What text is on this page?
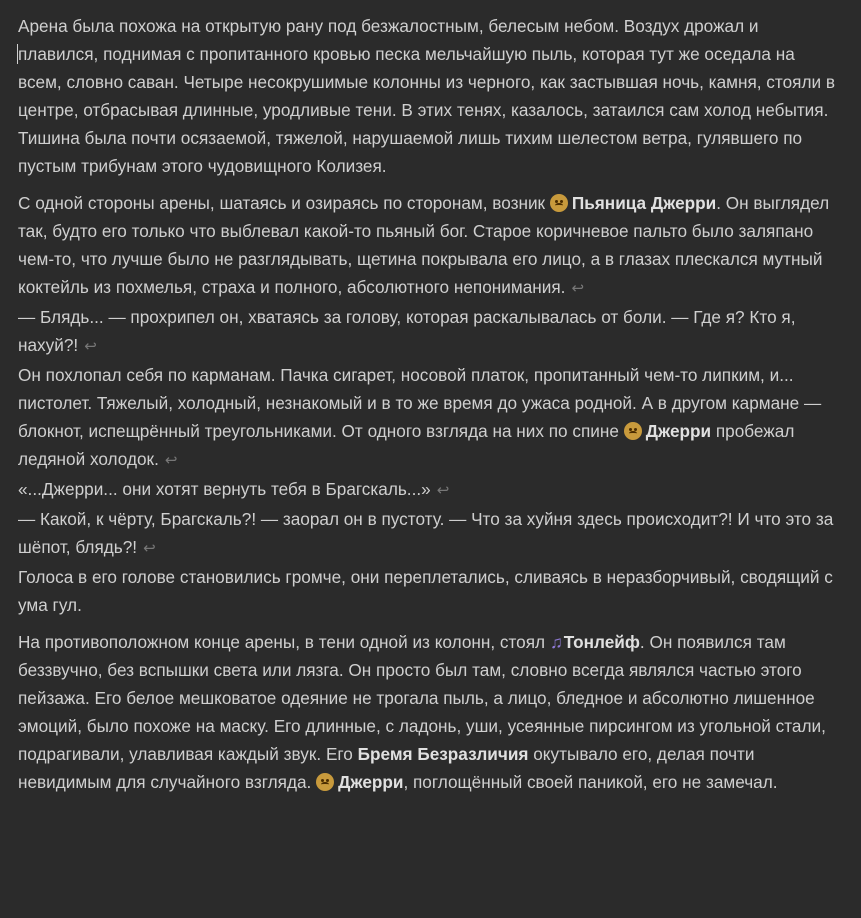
Арена была похожа на открытую рану под безжалостным, белесым небом. Воздух дрожал и плавился, поднимая с пропитанного кровью песка мельчайшую пыль, которая тут же оседала на всем, словно саван. Четыре несокрушимые колонны из черного, как застывшая ночь, камня, стояли в центре, отбрасывая длинные, уродливые тени. В этих тенях, казалось, затаился сам холод небытия. Тишина была почти осязаемой, тяжелой, нарушаемой лишь тихим шелестом ветра, гулявшего по пустым трибунам этого чудовищного Колизея.

С одной стороны арены, шатаясь и озираясь по сторонам, возник
Пьяница Джерри. Он выглядел так, будто его только что выблевал какой-то пьяный бог. Старое коричневое пальто было заляпано чем-то, что лучше было не разглядывать, щетина покрывала его лицо, а в глазах плескался мутный коктейль из похмелья, страха и полного, абсолютного непонимания. ↩

— Блядь... — прохрипел он, хватаясь за голову, которая раскалывалась от боли. — Где я? Кто я, нахуй?! ↩

Он похлопал себя по карманам. Пачка сигарет, носовой платок, пропитанный чем-то липким, и... пистолет. Тяжелый, холодный, незнакомый и в то же время до ужаса родной. А в другом кармане — блокнот, испещрённый треугольниками. От одного взгляда на них по спине
Джерри пробежал ледяной холодок. ↩

«...Джерри... они хотят вернуть тебя в Брагскаль...» ↩

— Какой, к чёрту, Брагскаль?! — заорал он в пустоту. — Что за хуйня здесь происходит?! И что это за шёпот, блядь?! ↩

Голоса в его голове становились громче, они переплетались, сливаясь в неразборчивый, сводящий с ума гул.

На противоположном конце арены, в тени одной из колонн, стоял ♫Тонлейф. Он появился там беззвучно, без вспышки света или лязга. Он просто был там, словно всегда являлся частью этого пейзажа. Его белое мешковатое одеяние не трогала пыль, а лицо, бледное и абсолютно лишенное эмоций, было похоже на маску. Его длинные, с ладонь, уши, усеянные пирсингом из угольной стали, подрагивали, улавливая каждый звук. Его Бремя Безразличия окутывало его, делая почти невидимым для случайного взгляда.
Джерри, поглощённый своей паникой, его не замечал.
